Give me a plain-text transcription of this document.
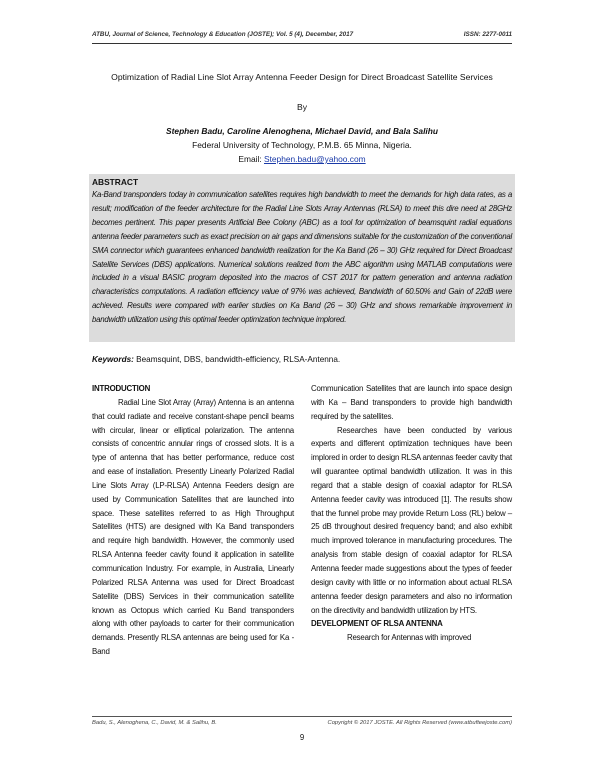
ATBU, Journal of Science, Technology & Education (JOSTE); Vol. 5 (4), December, 2017	ISSN: 2277-0011
Optimization of Radial Line Slot Array Antenna Feeder Design for Direct Broadcast Satellite Services
By
Stephen Badu, Caroline Alenoghena, Michael David, and Bala Salihu
Federal University of Technology, P.M.B. 65 Minna, Nigeria.
Email: Stephen.badu@yahoo.com
ABSTRACT
Ka-Band transponders today in communication satellites requires high bandwidth to meet the demands for high data rates, as a result; modification of the feeder architecture for the Radial Line Slots Array Antennas (RLSA) to meet this dire need at 28GHz becomes pertinent. This paper presents Artificial Bee Colony (ABC) as a tool for optimization of beamsquint radial equations antenna feeder parameters such as exact precision on air gaps and dimensions suitable for the customization of the conventional SMA connector which guarantees enhanced bandwidth realization for the Ka Band (26 – 30) GHz required for Direct Broadcast Satellite Services (DBS) applications. Numerical solutions realized from the ABC algorithm using MATLAB computations were included in a visual BASIC program deposited into the macros of CST 2017 for pattern generation and antenna radiation characteristics computations. A radiation efficiency value of 97% was achieved, Bandwidth of 60.50% and Gain of 22dB were achieved. Results were compared with earlier studies on Ka Band (26 – 30) GHz and shows remarkable improvement in bandwidth utilization using this optimal feeder optimization technique implored.
Keywords: Beamsquint, DBS, bandwidth-efficiency, RLSA-Antenna.
INTRODUCTION
Radial Line Slot Array (Array) Antenna is an antenna that could radiate and receive constant-shape pencil beams with circular, linear or elliptical polarization. The antenna consists of concentric annular rings of crossed slots. It is a type of antenna that has better performance, reduce cost and ease of installation. Presently Linearly Polarized Radial Line Slots Array (LP-RLSA) Antenna Feeders design are used by Communication Satellites that are launched into space. These satellites referred to as High Throughput Satellites (HTS) are designed with Ka Band transponders and require high bandwidth. However, the commonly used RLSA Antenna feeder cavity found it application in satellite communication Industry. For example, in Australia, Linearly Polarized RLSA Antenna was used for Direct Broadcast Satellite (DBS) Services in their communication satellite known as Octopus which carried Ku Band transponders along with other payloads to carter for their communication demands. Presently RLSA antennas are being used for Ka -Band
Communication Satellites that are launch into space design with Ka – Band transponders to provide high bandwidth required by the satellites.
Researches have been conducted by various experts and different optimization techniques have been implored in order to design RLSA antennas feeder cavity that will guarantee optimal bandwidth utilization. It was in this regard that a stable design of coaxial adaptor for RLSA Antenna feeder cavity was introduced [1]. The results show that the funnel probe may provide Return Loss (RL) below –25 dB throughout desired frequency band; and also exhibit much improved tolerance in manufacturing procedures. The analysis from stable design of coaxial adaptor for RLSA Antenna feeder made suggestions about the types of feeder design cavity with little or no information about actual RLSA antenna feeder design parameters and also no information on the directivity and bandwidth utilization by HTS.
DEVELOPMENT OF RLSA ANTENNA
Research for Antennas with improved
Badu, S., Alenoghena, C., David, M. & Salihu, B.	Copyright © 2017 JOSTE. All Rights Reserved (www.atbufteejoste.com)
9
